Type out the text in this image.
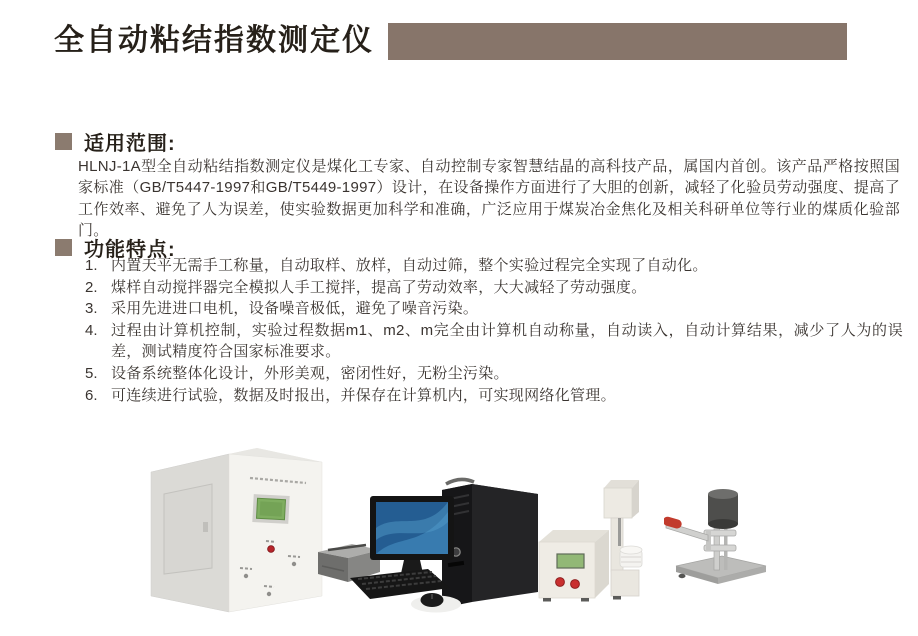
全自动粘结指数测定仪
适用范围:

HLNJ-1A型全自动粘结指数测定仪是煤化工专家、自动控制专家智慧结晶的高科技产品，属国内首创。该产品严格按照国家标准（GB/T5447-1997和GB/T5449-1997）设计，在设备操作方面进行了大胆的创新，减轻了化验员劳动强度、提高了工作效率、避免了人为误差，使实验数据更加科学和准确，广泛应用于煤炭冶金焦化及相关科研单位等行业的煤质化验部门。

功能特点:
1. 内置天平无需手工称量，自动取样、放样，自动过筛，整个实验过程完全实现了自动化。
2. 煤样自动搅拌器完全模拟人手工搅拌，提高了劳动效率，大大减轻了劳动强度。
3. 采用先进进口电机，设备噪音极低，避免了噪音污染。
4. 过程由计算机控制，实验过程数据m1、m2、m完全由计算机自动称量，自动读入，自动计算结果，减少了人为的误差，测试精度符合国家标准要求。
5. 设备系统整体化设计，外形美观，密闭性好，无粉尘污染。
6. 可连续进行试验，数据及时报出，并保存在计算机内，可实现网络化管理。
